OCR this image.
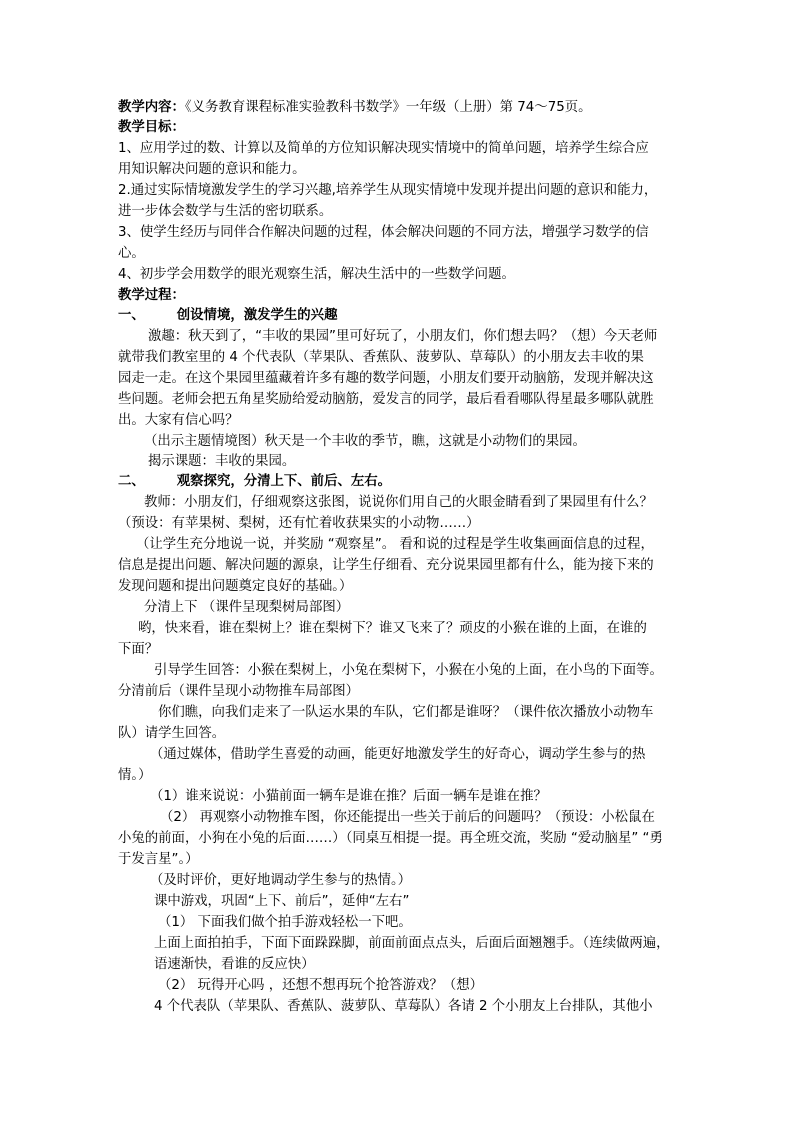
教学内容：《义务教育课程标准实验教科书数学》一年级（上册）第 74～75页。
教学目标：
1、应用学过的数、计算以及简单的方位知识解决现实情境中的简单问题，培养学生综合应
用知识解决问题的意识和能力。
2.通过实际情境激发学生的学习兴趣,培养学生从现实情境中发现并提出问题的意识和能力，
进一步体会数学与生活的密切联系。
3、使学生经历与同伴合作解决问题的过程，体会解决问题的不同方法，增强学习数学的信
心。
4、初步学会用数学的眼光观察生活，解决生活中的一些数学问题。
教学过程：
一、 创设情境，激发学生的兴趣
激趣：秋天到了，“丰收的果园”里可好玩了，小朋友们，你们想去吗？（想）今天老师
就带我们教室里的 4 个代表队（苹果队、香蕉队、菠萝队、草莓队）的小朋友去丰收的果
园走一走。在这个果园里蕴藏着许多有趣的数学问题，小朋友们要开动脑筋，发现并解决这
些问题。老师会把五角星奖励给爱动脑筋，爱发言的同学，最后看看哪队得星最多哪队就胜
出。大家有信心吗？
（出示主题情境图）秋天是一个丰收的季节，瞧，这就是小动物们的果园。
揭示课题：丰收的果园。
二、 观察探究，分清上下、前后、左右。
教师：小朋友们，仔细观察这张图，说说你们用自己的火眼金睛看到了果园里有什么？
（预设：有苹果树、梨树，还有忙着收获果实的小动物……）
（让学生充分地说一说，并奖励 “观察星”。 看和说的过程是学生收集画面信息的过程，
信息是提出问题、解决问题的源泉，让学生仔细看、充分说果园里都有什么，能为接下来的
发现问题和提出问题奠定良好的基础。）
分清上下 （课件呈现梨树局部图）
哟，快来看，谁在梨树上？谁在梨树下？谁又飞来了？顽皮的小猴在谁的上面，在谁的
下面？
引导学生回答：小猴在梨树上，小兔在梨树下，小猴在小兔的上面，在小鸟的下面等。
分清前后（课件呈现小动物推车局部图）
你们瞧，向我们走来了一队运水果的车队，它们都是谁呀？（课件依次播放小动物车
队）请学生回答。
（通过媒体，借助学生喜爱的动画，能更好地激发学生的好奇心，调动学生参与的热
情。）
（1）谁来说说：小猫前面一辆车是谁在推？后面一辆车是谁在推？
（2） 再观察小动物推车图，你还能提出一些关于前后的问题吗？（预设：小松鼠在
小兔的前面，小狗在小兔的后面……）（同桌互相提一提。再全班交流，奖励 “爱动脑星” “勇
于发言星”。）
（及时评价，更好地调动学生参与的热情。）
课中游戏，巩固“上下、前后”，延伸“左右”
（1） 下面我们做个拍手游戏轻松一下吧。
上面上面拍拍手，下面下面跺跺脚，前面前面点点头，后面后面翘翘手。（连续做两遍，
语速渐快，看谁的反应快）
（2） 玩得开心吗 ，还想不想再玩个抢答游戏？（想）
4 个代表队（苹果队、香蕉队、菠萝队、草莓队）各请 2 个小朋友上台排队，其他小
